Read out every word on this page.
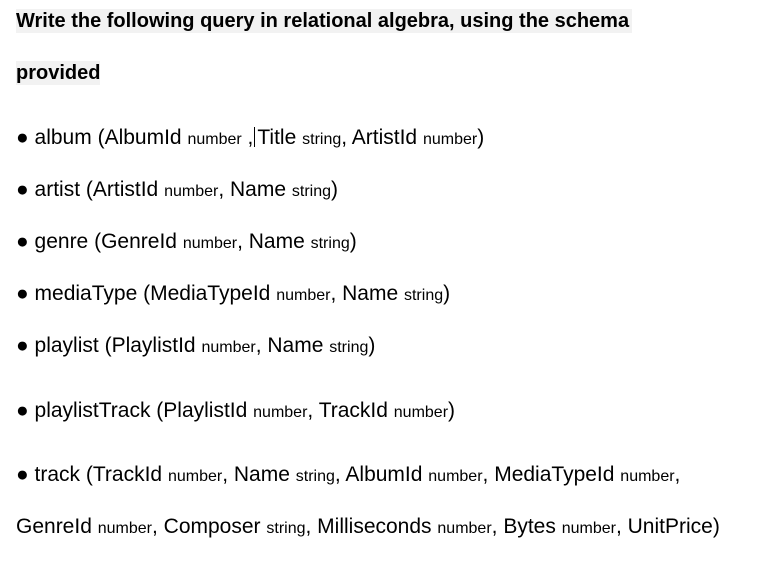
Write the following query in relational algebra, using the schema
provided
● album (AlbumId number , Title string, ArtistId number)
● artist (ArtistId number, Name string)
● genre (GenreId number, Name string)
● mediaType (MediaTypeId number, Name string)
● playlist (PlaylistId number, Name string)
● playlistTrack (PlaylistId number, TrackId number)
● track (TrackId number, Name string, AlbumId number, MediaTypeId number,
GenreId number, Composer string, Milliseconds number, Bytes number, UnitPrice)
